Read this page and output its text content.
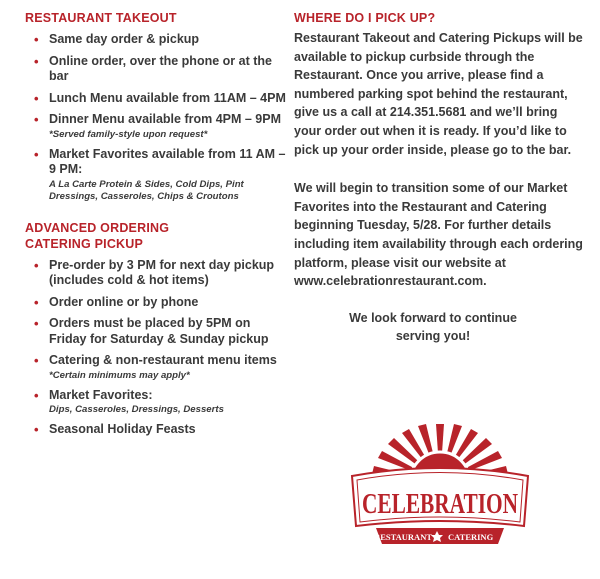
RESTAURANT TAKEOUT
• Same day order & pickup
• Online order, over the phone or at the bar
• Lunch Menu available from 11AM – 4PM
• Dinner Menu available from 4PM – 9PM
*Served family-style upon request*
• Market Favorites available from 11 AM – 9 PM:
A La Carte Protein & Sides, Cold Dips, Pint Dressings, Casseroles, Chips & Croutons
ADVANCED ORDERING
CATERING PICKUP
• Pre-order by 3 PM for next day pickup (includes cold & hot items)
• Order online or by phone
• Orders must be placed by 5PM on Friday for Saturday & Sunday pickup
• Catering & non-restaurant menu items
*Certain minimums may apply*
• Market Favorites:
Dips, Casseroles, Dressings, Desserts
• Seasonal Holiday Feasts
WHERE DO I PICK UP?

Restaurant Takeout and Catering Pickups will be available to pickup curbside through the Restaurant. Once you arrive, please find a numbered parking spot behind the restaurant, give us a call at 214.351.5681 and we’ll bring your order out when it is ready. If you’d like to pick up your order inside, please go to the bar.

We will begin to transition some of our Market Favorites into the Restaurant and Catering beginning Tuesday, 5/28. For further details including item availability through each ordering platform, please visit our website at www.celebrationrestaurant.com.

We look forward to continue
serving you!

CELEBRATION
RESTAURANT CATERING
